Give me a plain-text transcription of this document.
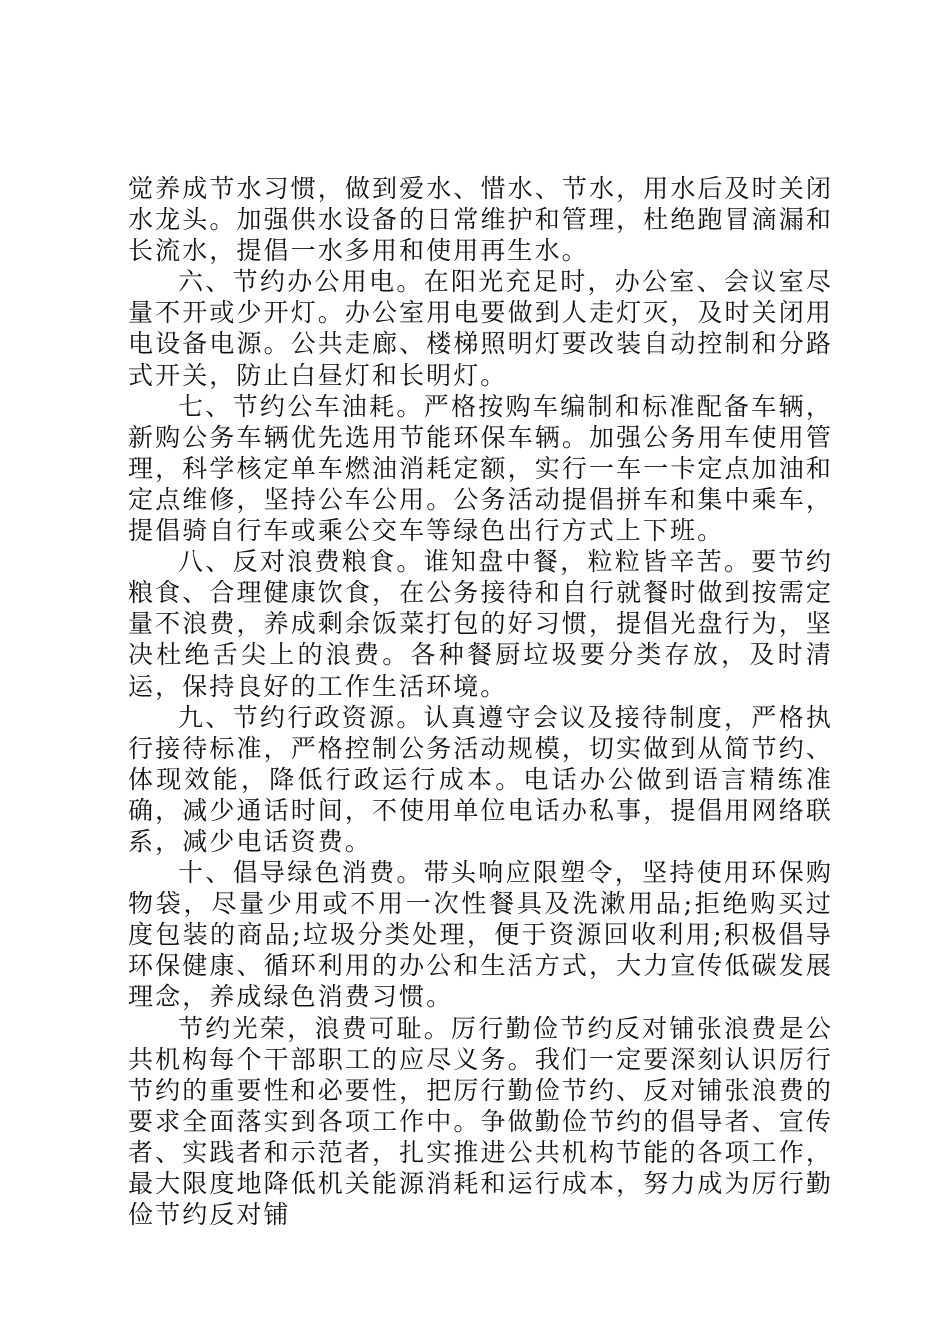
觉养成节水习惯，做到爱水、惜水、节水，用水后及时关闭水龙头。加强供水设备的日常维护和管理，杜绝跑冒滴漏和长流水，提倡一水多用和使用再生水。

六、节约办公用电。在阳光充足时，办公室、会议室尽量不开或少开灯。办公室用电要做到人走灯灭，及时关闭用电设备电源。公共走廊、楼梯照明灯要改装自动控制和分路式开关，防止白昼灯和长明灯。

七、节约公车油耗。严格按购车编制和标准配备车辆，新购公务车辆优先选用节能环保车辆。加强公务用车使用管理，科学核定单车燃油消耗定额，实行一车一卡定点加油和定点维修，坚持公车公用。公务活动提倡拼车和集中乘车，提倡骑自行车或乘公交车等绿色出行方式上下班。

八、反对浪费粮食。谁知盘中餐，粒粒皆辛苦。要节约粮食、合理健康饮食，在公务接待和自行就餐时做到按需定量不浪费，养成剩余饭菜打包的好习惯，提倡光盘行为，坚决杜绝舌尖上的浪费。各种餐厨垃圾要分类存放，及时清运，保持良好的工作生活环境。

九、节约行政资源。认真遵守会议及接待制度，严格执行接待标准，严格控制公务活动规模，切实做到从简节约、体现效能，降低行政运行成本。电话办公做到语言精练准确，减少通话时间，不使用单位电话办私事，提倡用网络联系，减少电话资费。

十、倡导绿色消费。带头响应限塑令，坚持使用环保购物袋，尽量少用或不用一次性餐具及洗漱用品;拒绝购买过度包装的商品;垃圾分类处理，便于资源回收利用;积极倡导环保健康、循环利用的办公和生活方式，大力宣传低碳发展理念，养成绿色消费习惯。

节约光荣，浪费可耻。厉行勤俭节约反对铺张浪费是公共机构每个干部职工的应尽义务。我们一定要深刻认识厉行节约的重要性和必要性，把厉行勤俭节约、反对铺张浪费的要求全面落实到各项工作中。争做勤俭节约的倡导者、宣传者、实践者和示范者，扎实推进公共机构节能的各项工作，最大限度地降低机关能源消耗和运行成本，努力成为厉行勤俭节约反对铺
